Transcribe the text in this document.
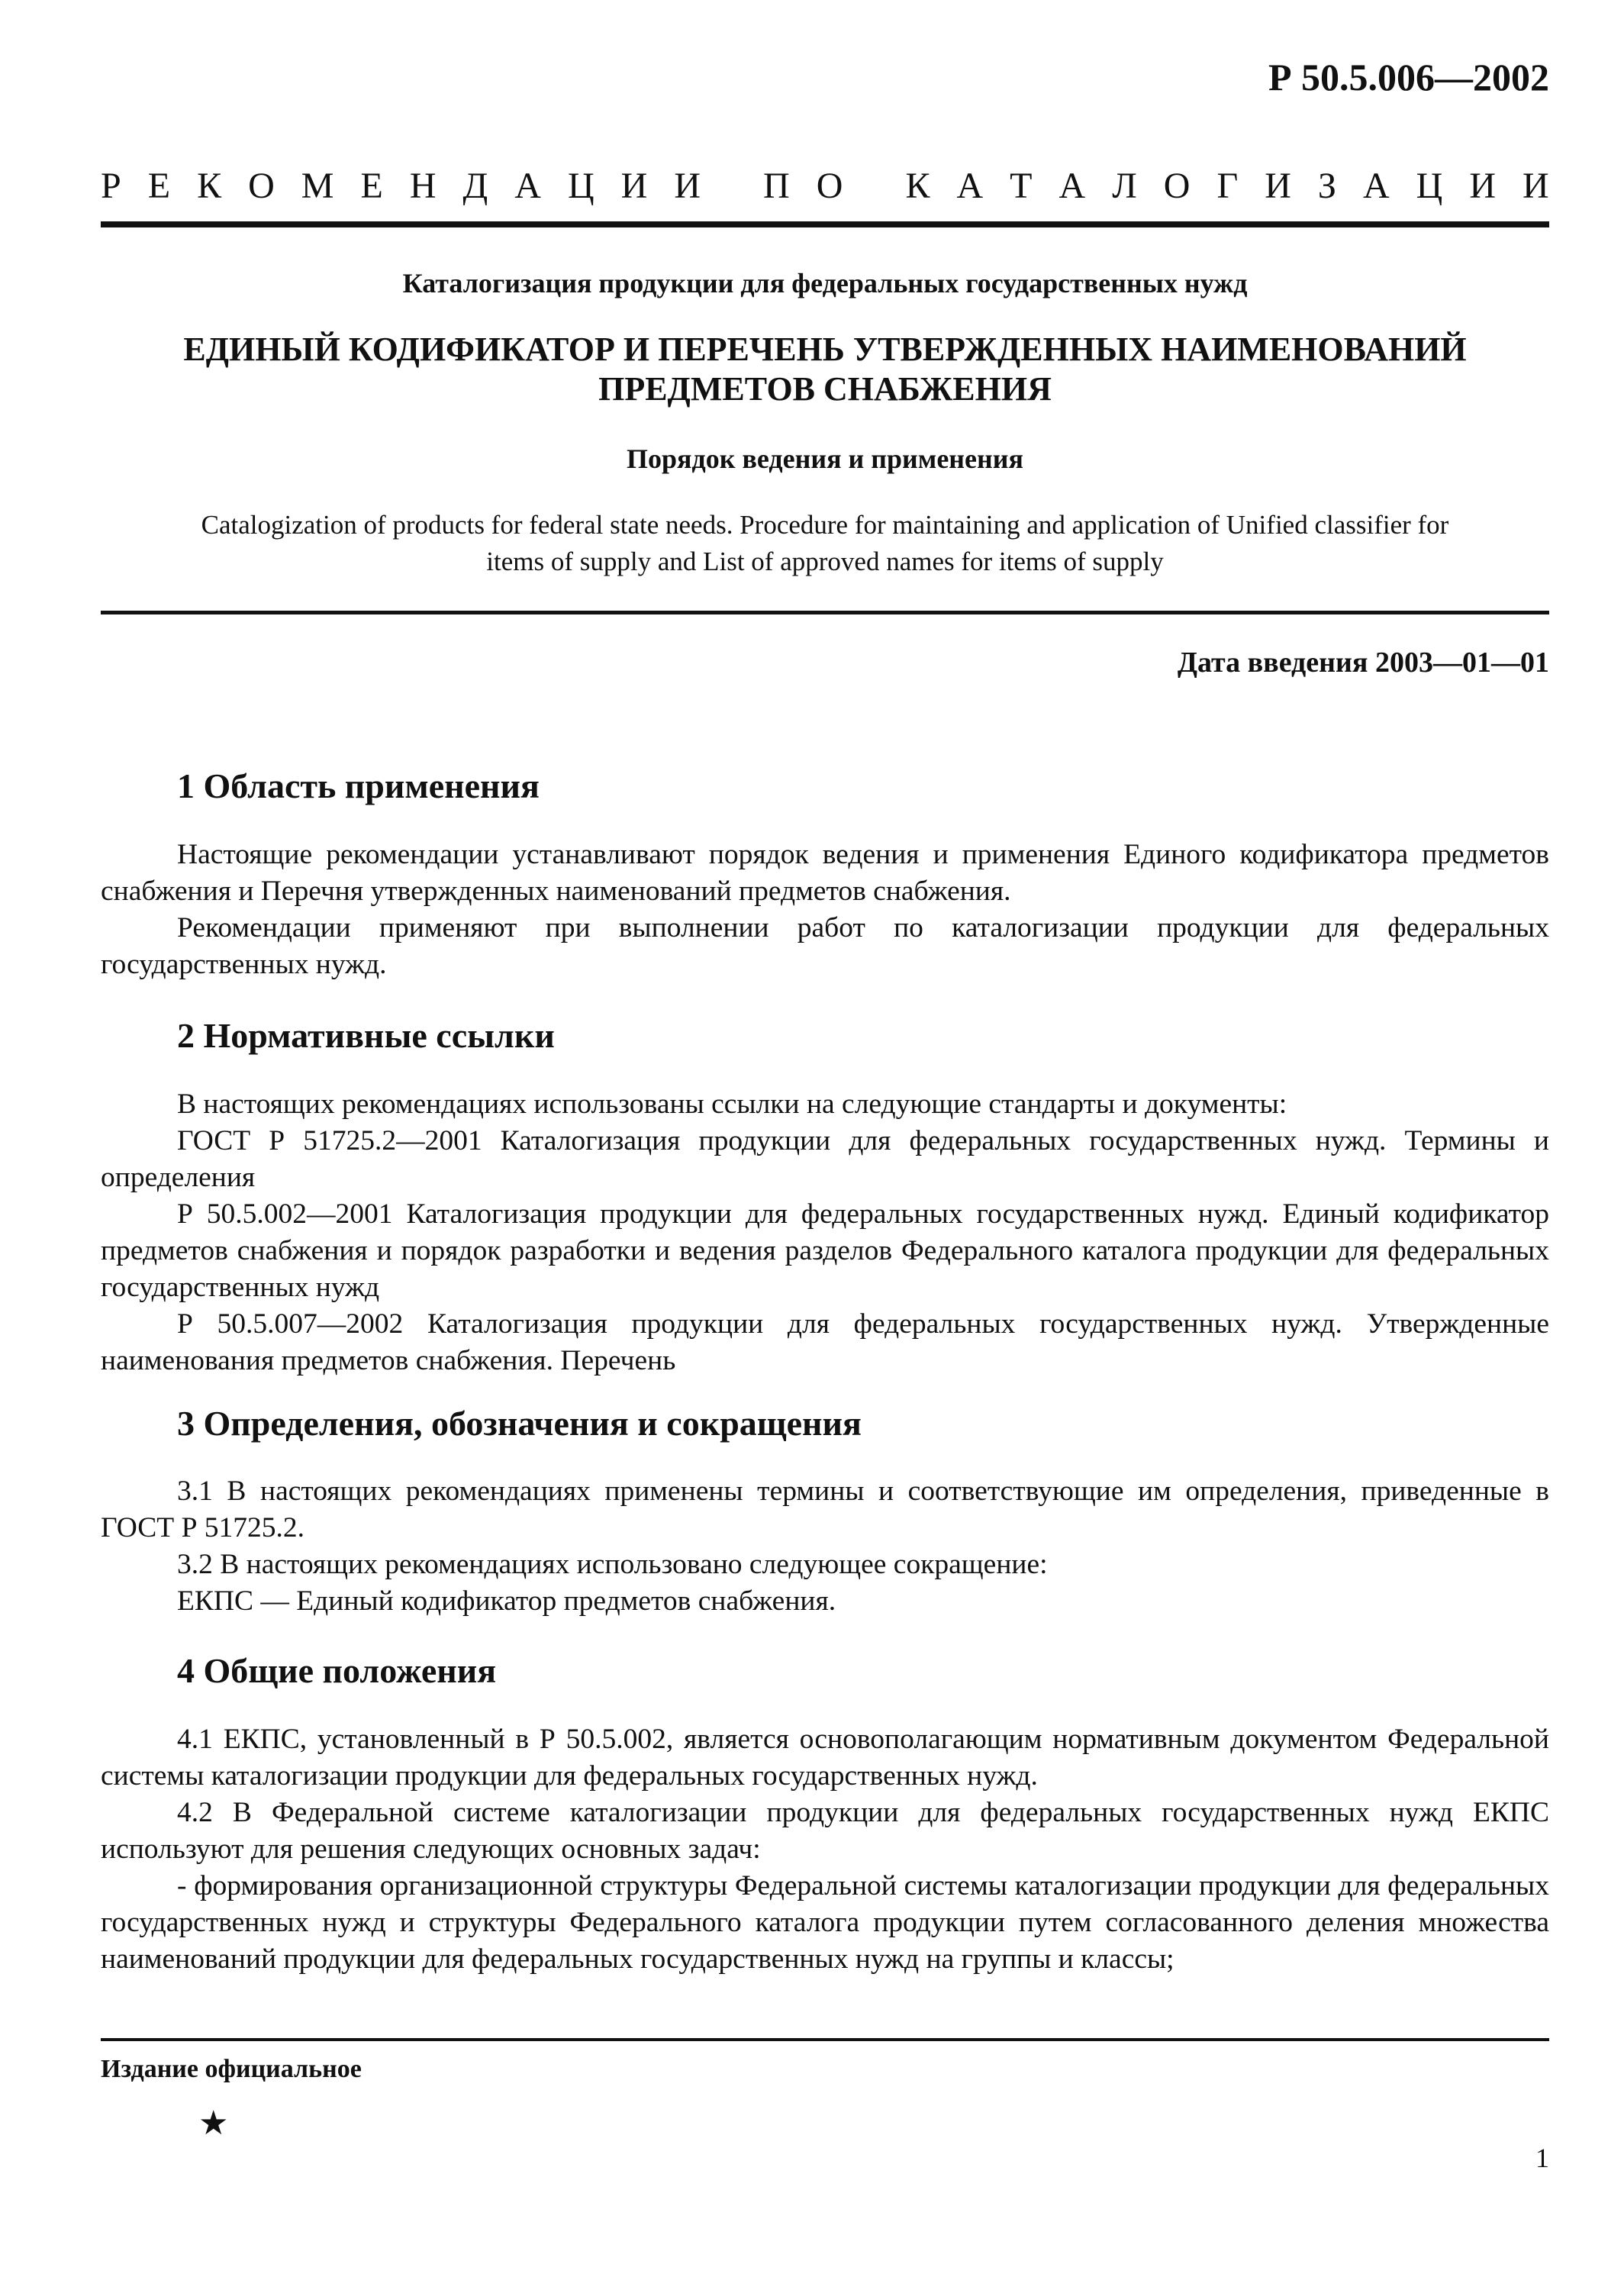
Р 50.5.006—2002
Р Е К О М Е Н Д А Ц И И
П О
К А Т А Л О Г И З А Ц И И
Каталогизация продукции для федеральных государственных нужд
ЕДИНЫЙ КОДИФИКАТОР И ПЕРЕЧЕНЬ УТВЕРЖДЕННЫХ НАИМЕНОВАНИЙ
ПРЕДМЕТОВ СНАБЖЕНИЯ
Порядок ведения и применения
Catalogization of products for federal state needs. Procedure for maintaining and application of Unified classifier for
items of supply and List of approved names for items of supply
Дата введения 2003—01—01
1 Область применения

Настоящие рекомендации устанавливают порядок ведения и применения Единого кодификатора предметов снабжения и Перечня утвержденных наименований предметов снабжения.

Рекомендации применяют при выполнении работ по каталогизации продукции для федеральных государственных нужд.

2 Нормативные ссылки

В настоящих рекомендациях использованы ссылки на следующие стандарты и документы:

ГОСТ Р 51725.2—2001 Каталогизация продукции для федеральных государственных нужд. Термины и определения

Р 50.5.002—2001 Каталогизация продукции для федеральных государственных нужд. Единый кодификатор предметов снабжения и порядок разработки и ведения разделов Федерального каталога продукции для федеральных государственных нужд

Р 50.5.007—2002 Каталогизация продукции для федеральных государственных нужд. Утвержденные наименования предметов снабжения. Перечень

3 Определения, обозначения и сокращения

3.1 В настоящих рекомендациях применены термины и соответствующие им определения, приведенные в ГОСТ Р 51725.2.

3.2 В настоящих рекомендациях использовано следующее сокращение:

ЕКПС — Единый кодификатор предметов снабжения.

4 Общие положения

4.1 ЕКПС, установленный в Р 50.5.002, является основополагающим нормативным документом Федеральной системы каталогизации продукции для федеральных государственных нужд.

4.2 В Федеральной системе каталогизации продукции для федеральных государственных нужд ЕКПС используют для решения следующих основных задач:

- формирования организационной структуры Федеральной системы каталогизации продукции для федеральных государственных нужд и структуры Федерального каталога продукции путем согласованного деления множества наименований продукции для федеральных государственных нужд на группы и классы;

Издание официальное
★
1
